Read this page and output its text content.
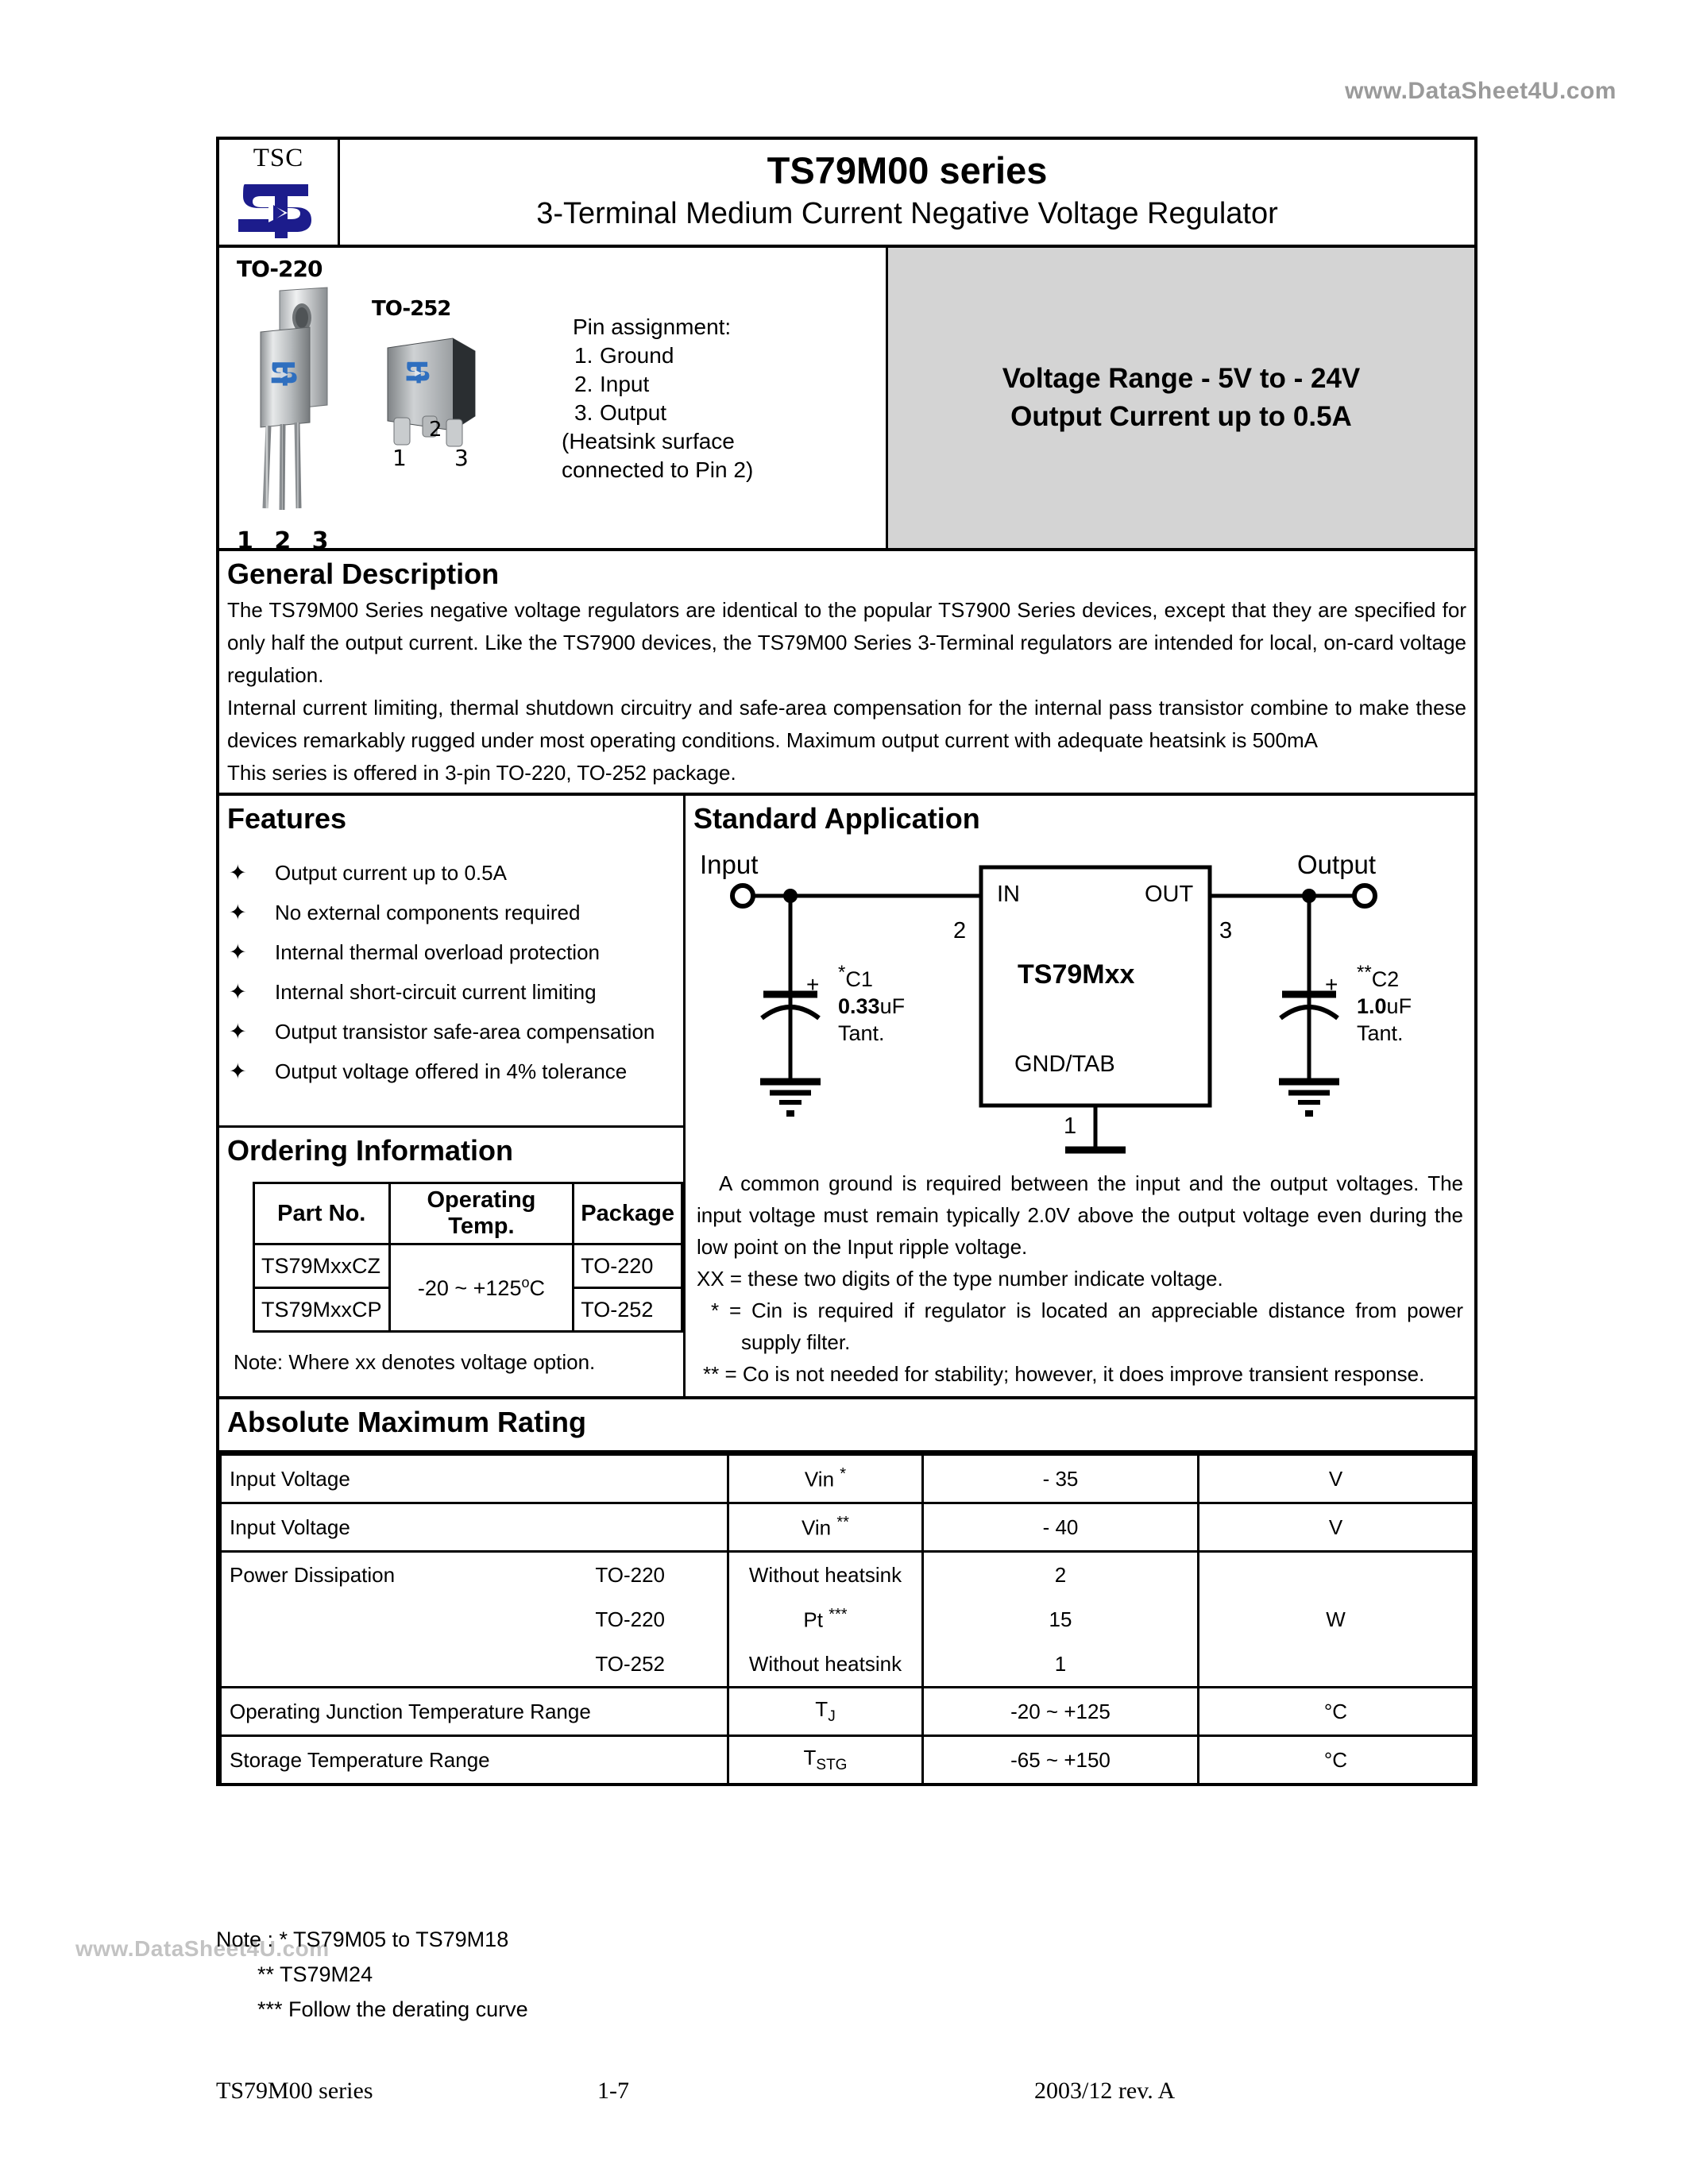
www.DataSheet4U.com
TSC	TS79M00 series
3-Terminal Medium Current Negative Voltage Regulator
TO-220
TO-252
1 2 3
2
1 3
Pin assignment:
1. Ground
2. Input
3. Output
(Heatsink surface
connected to Pin 2)
Voltage Range - 5V to - 24V
Output Current up to 0.5A
General Description

The TS79M00 Series negative voltage regulators are identical to the popular TS7900 Series devices, except that they are specified for only half the output current. Like the TS7900 devices, the TS79M00 Series 3-Terminal regulators are intended for local, on-card voltage regulation.

Internal current limiting, thermal shutdown circuitry and safe-area compensation for the internal pass transistor combine to make these devices remarkably rugged under most operating conditions. Maximum output current with adequate heatsink is 500mA

This series is offered in 3-pin TO-220, TO-252 package.

Features
✦	Output current up to 0.5A
✦	No external components required
✦	Internal thermal overload protection
✦	Internal short-circuit current limiting
✦	Output transistor safe-area compensation
✦	Output voltage offered in 4% tolerance
Ordering Information
Part No.	Operating Temp.	Package
TS79MxxCZ	-20 ~ $+125^oC$	TO-220
TS79MxxCP		TO-252
Note: Where xx denotes voltage option.
Standard Application
Input	Output
IN	OUT
TS79Mxx
GND/TAB
2	3
1
+ *C1
0.33uF
Tant.
+ **C2
1.0uF
Tant.

A common ground is required between the input and the output voltages. The input voltage must remain typically 2.0V above the output voltage even during the low point on the Input ripple voltage.

XX = these two digits of the type number indicate voltage.

* = Cin is required if regulator is located an appreciable distance from power supply filter.

** = Co is not needed for stability; however, it does improve transient response.

Absolute Maximum Rating
Input Voltage	Vin *	- 35	V
Input Voltage	Vin **	- 40	V

Power Dissipation TO-220	Without heatsink	2	W

TO-220	Pt ***	15	

TO-252	Without heatsink	1	
Operating Junction Temperature Range	$T_J$	-20 ~ +125	°C
Storage Temperature Range	$T_{STG}$	-65 ~ +150	°C
www.DataSheet4U.com
Note : * TS79M05 to TS79M18
** TS79M24
*** Follow the derating curve
TS79M00 series	1-7	2003/12 rev. A
